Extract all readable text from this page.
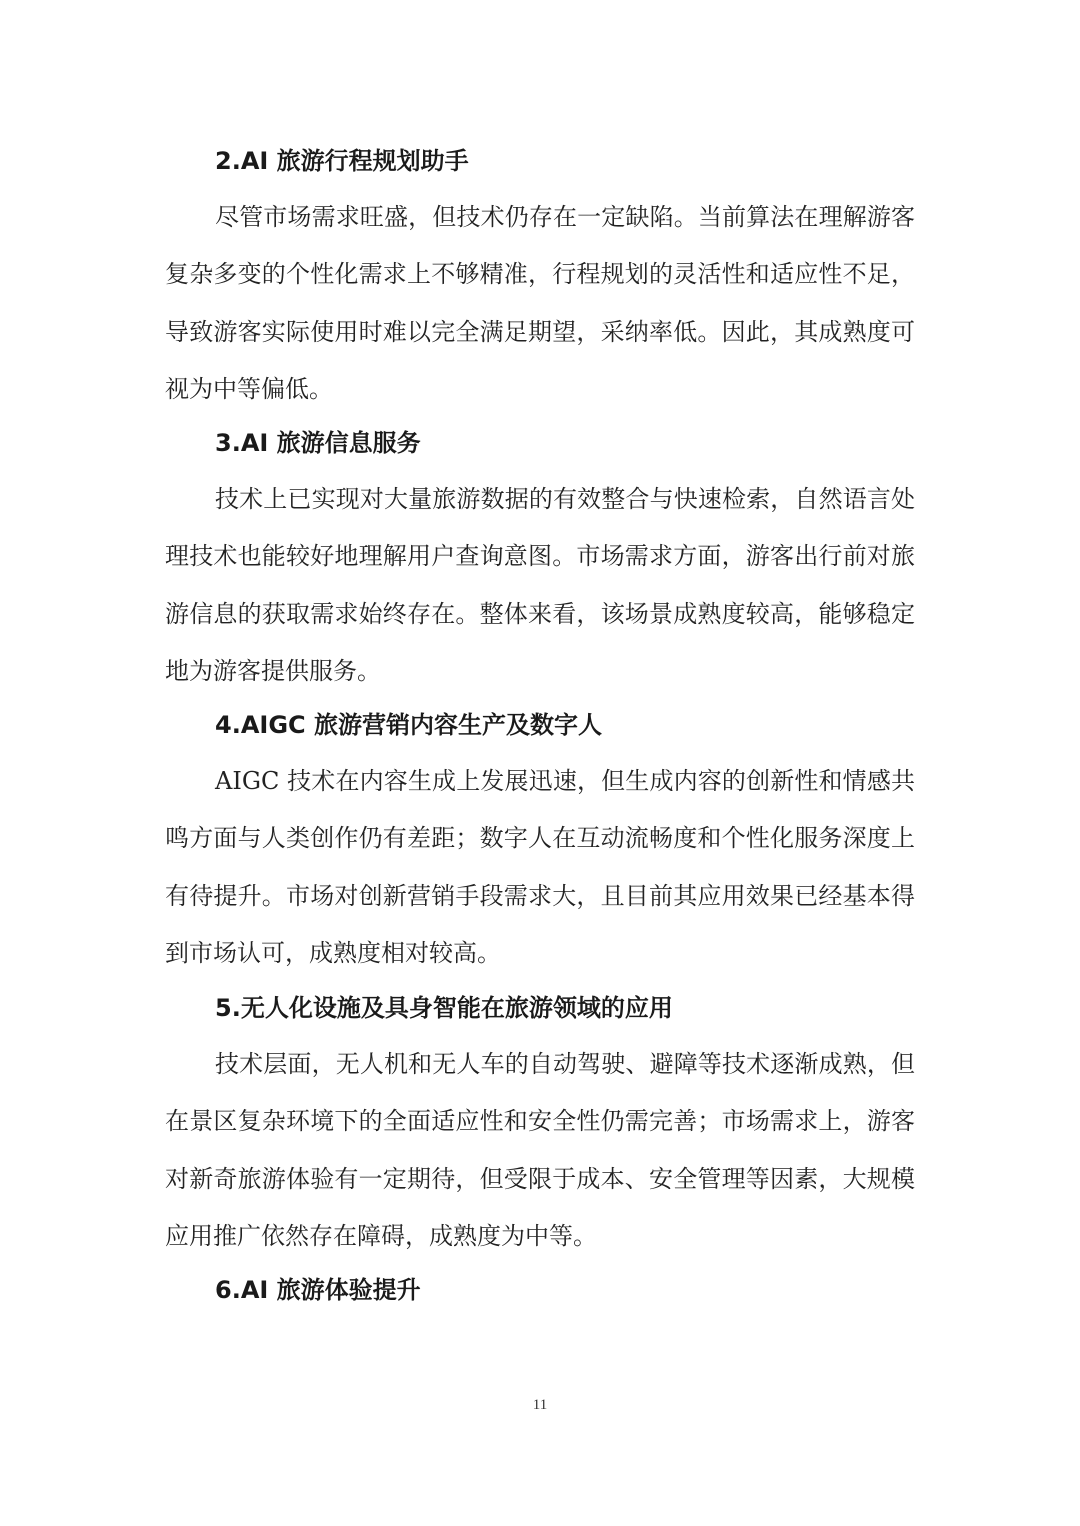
2.AI 旅游行程规划助手

尽管市场需求旺盛，但技术仍存在一定缺陷。当前算法在理解游客复杂多变的个性化需求上不够精准，行程规划的灵活性和适应性不足，导致游客实际使用时难以完全满足期望，采纳率低。因此，其成熟度可视为中等偏低。

3.AI 旅游信息服务

技术上已实现对大量旅游数据的有效整合与快速检索，自然语言处理技术也能较好地理解用户查询意图。市场需求方面，游客出行前对旅游信息的获取需求始终存在。整体来看，该场景成熟度较高，能够稳定地为游客提供服务。

4.AIGC 旅游营销内容生产及数字人

AIGC 技术在内容生成上发展迅速，但生成内容的创新性和情感共鸣方面与人类创作仍有差距；数字人在互动流畅度和个性化服务深度上有待提升。市场对创新营销手段需求大，且目前其应用效果已经基本得到市场认可，成熟度相对较高。

5.无人化设施及具身智能在旅游领域的应用

技术层面，无人机和无人车的自动驾驶、避障等技术逐渐成熟，但在景区复杂环境下的全面适应性和安全性仍需完善；市场需求上，游客对新奇旅游体验有一定期待，但受限于成本、安全管理等因素，大规模应用推广依然存在障碍，成熟度为中等。

6.AI 旅游体验提升
11
